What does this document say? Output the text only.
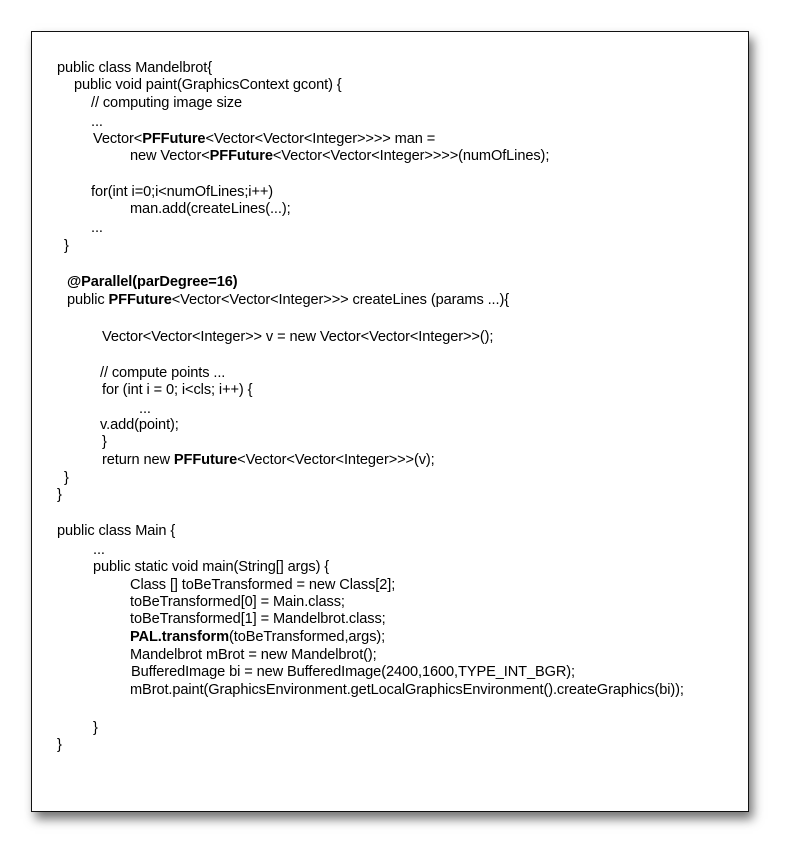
public class Mandelbrot{
public void paint(GraphicsContext gcont) {
// computing image size
...
Vector<PFFuture<Vector<Vector<Integer>>>> man =
new Vector<PFFuture<Vector<Vector<Integer>>>>(numOfLines);
for(int i=0;i<numOfLines;i++)
man.add(createLines(...);
...
}
@Parallel(parDegree=16)
public PFFuture<Vector<Vector<Integer>>> createLines (params ...){
Vector<Vector<Integer>> v = new Vector<Vector<Integer>>();
// compute points ...
for (int i = 0; i<cls; i++) {
...
v.add(point);
}
return new PFFuture<Vector<Vector<Integer>>>(v);
}
}
public class Main {
...
public static void main(String[] args) {
Class [] toBeTransformed = new Class[2];
toBeTransformed[0] = Main.class;
toBeTransformed[1] = Mandelbrot.class;
PAL.transform(toBeTransformed,args);
Mandelbrot mBrot = new Mandelbrot();
BufferedImage bi = new BufferedImage(2400,1600,TYPE_INT_BGR);
mBrot.paint(GraphicsEnvironment.getLocalGraphicsEnvironment().createGraphics(bi));
}
}
